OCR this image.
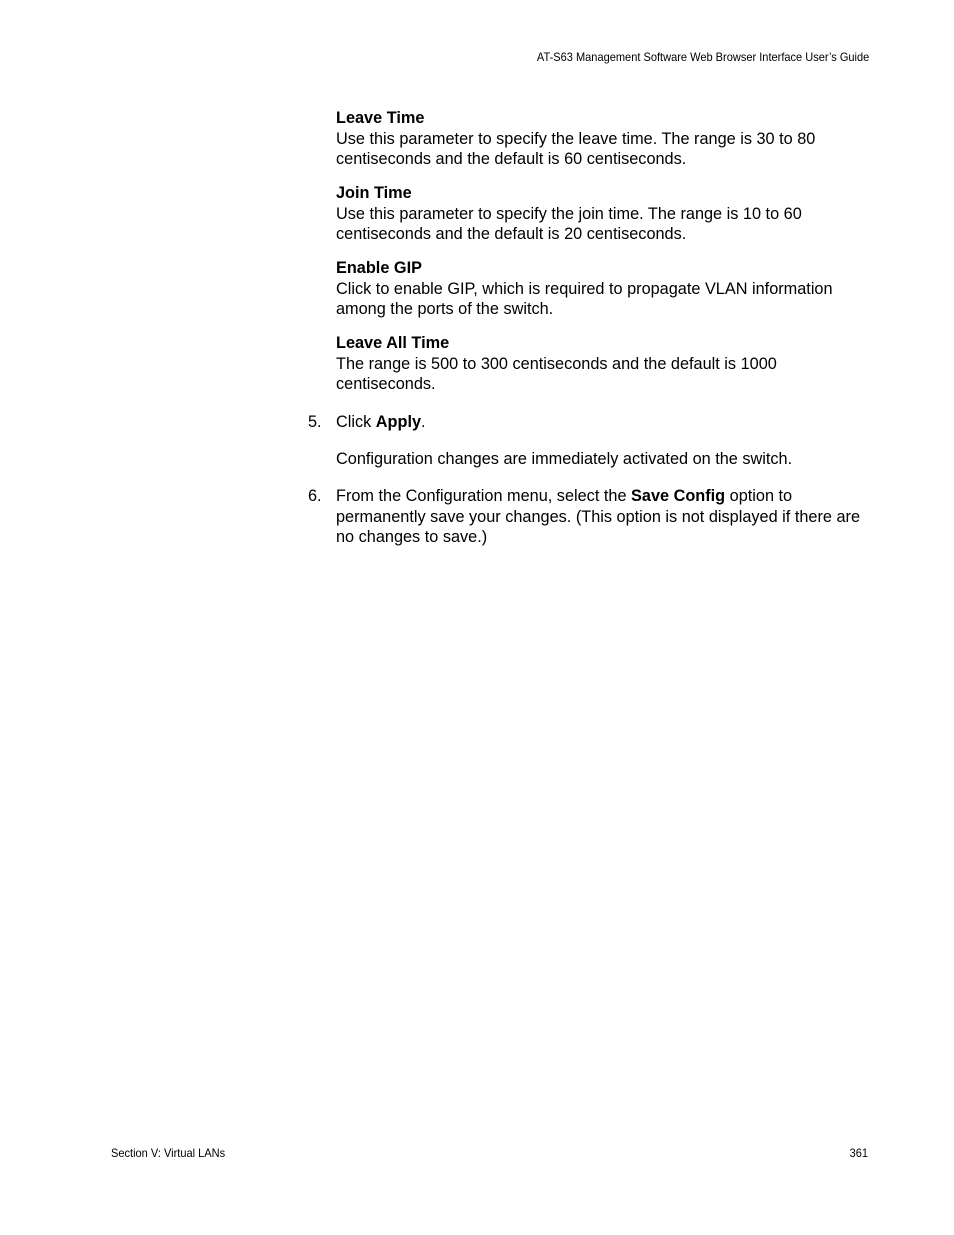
AT-S63 Management Software Web Browser Interface User’s Guide
Leave Time
Use this parameter to specify the leave time. The range is 30 to 80 centiseconds and the default is 60 centiseconds.
Join Time
Use this parameter to specify the join time. The range is 10 to 60 centiseconds and the default is 20 centiseconds.
Enable GIP
Click to enable GIP, which is required to propagate VLAN information among the ports of the switch.
Leave All Time
The range is 500 to 300 centiseconds and the default is 1000 centiseconds.
5. Click Apply.
Configuration changes are immediately activated on the switch.
6. From the Configuration menu, select the Save Config option to permanently save your changes. (This option is not displayed if there are no changes to save.)
Section V: Virtual LANs	361
